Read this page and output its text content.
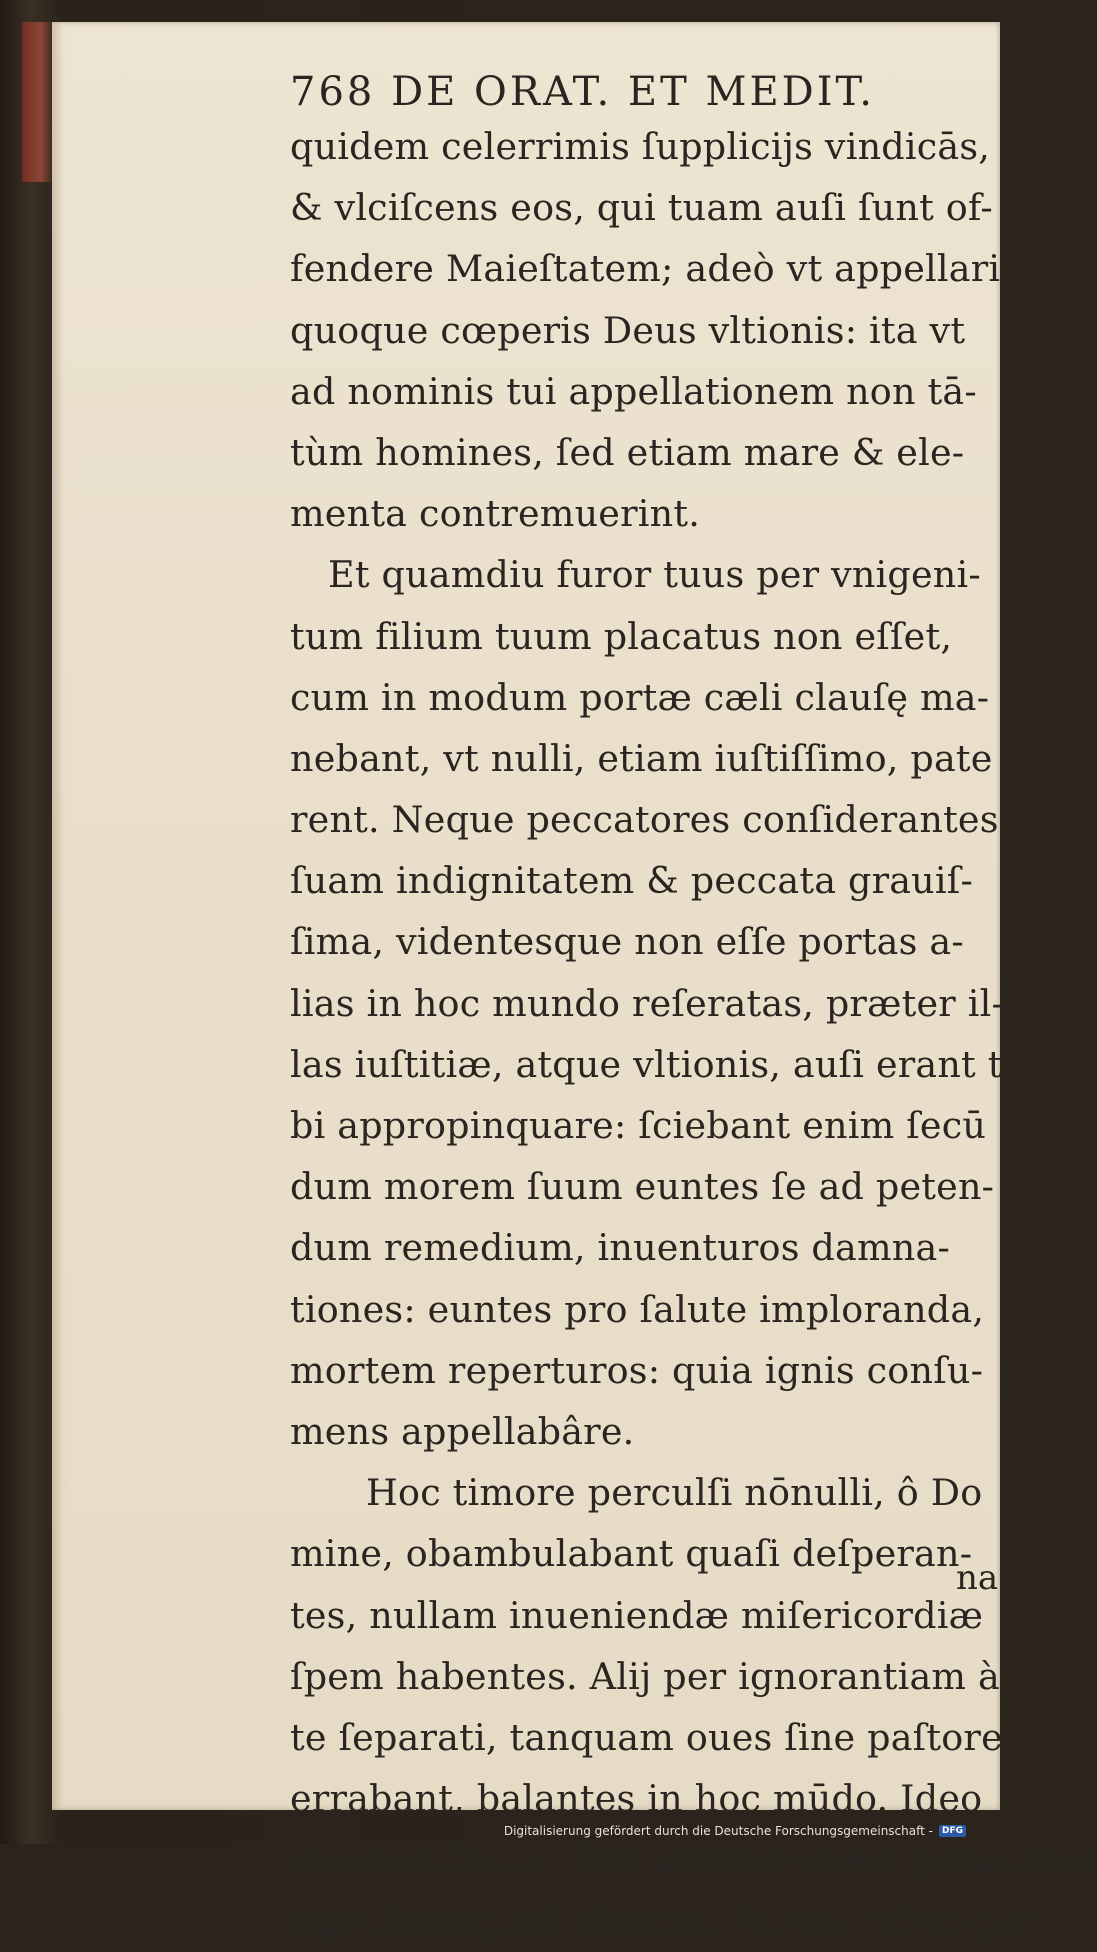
768 DE ORAT. ET MEDIT.
quidem celerrimis ſupplicijs vindicās,
& vlciſcens eos, qui tuam auſi ſunt of-
fendere Maieſtatem; adeò vt appellari
quoque cœperis Deus vltionis: ita vt
ad nominis tui appellationem non tā-
tùm homines, ſed etiam mare & ele-
menta contremuerint.
Et quamdiu furor tuus per vnigeni-
tum filium tuum placatus non eſſet,
cum in modum portæ cæli clauſę ma-
nebant, vt nulli, etiam iuſtiſſimo, pate
rent. Neque peccatores conſiderantes
ſuam indignitatem & peccata grauiſ-
ſima, videntesque non eſſe portas a-
lias in hoc mundo reſeratas, præter il-
las iuſtitiæ, atque vltionis, auſi erant ti
bi appropinquare: ſciebant enim ſecū
dum morem ſuum euntes ſe ad peten-
dum remedium, inuenturos damna-
tiones: euntes pro ſalute imploranda,
mortem reperturos: quia ignis conſu-
mens appellabâre.
Hoc timore perculſi nōnulli, ô Do
mine, obambulabant quaſi deſperan-
tes, nullam inueniendæ miſericordiæ
ſpem habentes. Alij per ignorantiam à
te ſeparati, tanquam oues ſine paſtore
errabant, balantes in hoc mūdo. Ideo
dicebat Dauid, Dic animæ meæ ſalus tua
ego ſum;quaſi diceret. Aures habeo ple-
nas
Digitalisierung gefördert durch die Deutsche Forschungsgemeinschaft -	DFG
